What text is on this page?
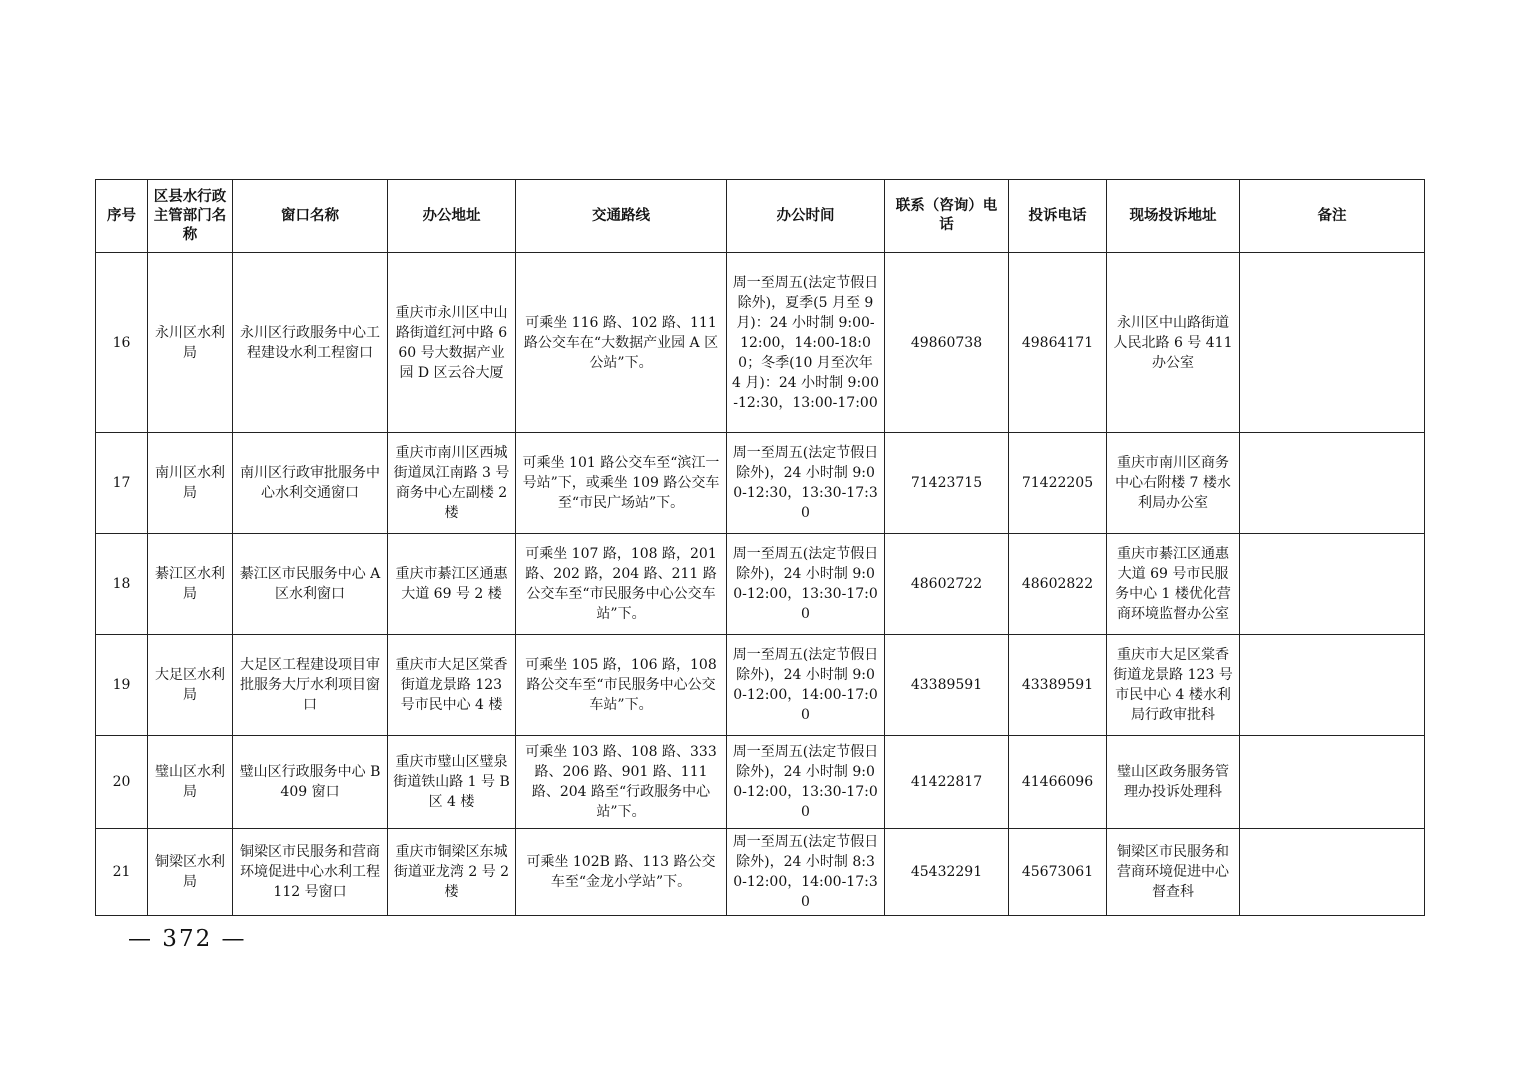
序号	区县水行政主管部门名称	窗口名称	办公地址	交通路线	办公时间	联系（咨询）电话	投诉电话	现场投诉地址	备注
16	永川区水利局	永川区行政服务中心工程建设水利工程窗口	重庆市永川区中山路街道红河中路 660 号大数据产业园 D 区云谷大厦	可乘坐 116 路、102 路、111 路公交车在“大数据产业园 A 区公站”下。	周一至周五(法定节假日除外)，夏季(5 月至 9 月)：24 小时制 9:00-12:00，14:00-18:00；冬季(10 月至次年 4 月)：24 小时制 9:00-12:30，13:00-17:00	49860738	49864171	永川区中山路街道人民北路 6 号 411 办公室	
17	南川区水利局	南川区行政审批服务中心水利交通窗口	重庆市南川区西城街道凤江南路 3 号商务中心左副楼 2 楼	可乘坐 101 路公交车至“滨江一号站”下，或乘坐 109 路公交车至“市民广场站”下。	周一至周五(法定节假日除外)，24 小时制 9:00-12:30，13:30-17:30	71423715	71422205	重庆市南川区商务中心右附楼 7 楼水利局办公室	
18	綦江区水利局	綦江区市民服务中心 A 区水利窗口	重庆市綦江区通惠大道 69 号 2 楼	可乘坐 107 路，108 路，201 路、202 路，204 路、211 路公交车至“市民服务中心公交车站”下。	周一至周五(法定节假日除外)，24 小时制 9:00-12:00，13:30-17:00	48602722	48602822	重庆市綦江区通惠大道 69 号市民服务中心 1 楼优化营商环境监督办公室	
19	大足区水利局	大足区工程建设项目审批服务大厅水利项目窗口	重庆市大足区棠香街道龙景路 123 号市民中心 4 楼	可乘坐 105 路，106 路，108 路公交车至“市民服务中心公交车站”下。	周一至周五(法定节假日除外)，24 小时制 9:00-12:00，14:00-17:00	43389591	43389591	重庆市大足区棠香街道龙景路 123 号市民中心 4 楼水利局行政审批科	
20	璧山区水利局	璧山区行政服务中心 B409 窗口	重庆市璧山区璧泉街道铁山路 1 号 B 区 4 楼	可乘坐 103 路、108 路、333 路、206 路、901 路、111 路、204 路至“行政服务中心站”下。	周一至周五(法定节假日除外)，24 小时制 9:00-12:00，13:30-17:00	41422817	41466096	璧山区政务服务管理办投诉处理科	
21	铜梁区水利局	铜梁区市民服务和营商环境促进中心水利工程 112 号窗口	重庆市铜梁区东城街道亚龙湾 2 号 2 楼	可乘坐 102B 路、113 路公交车至“金龙小学站”下。	周一至周五(法定节假日除外)，24 小时制 8:30-12:00，14:00-17:30	45432291	45673061	铜梁区市民服务和营商环境促进中心督查科	
— 372 —
